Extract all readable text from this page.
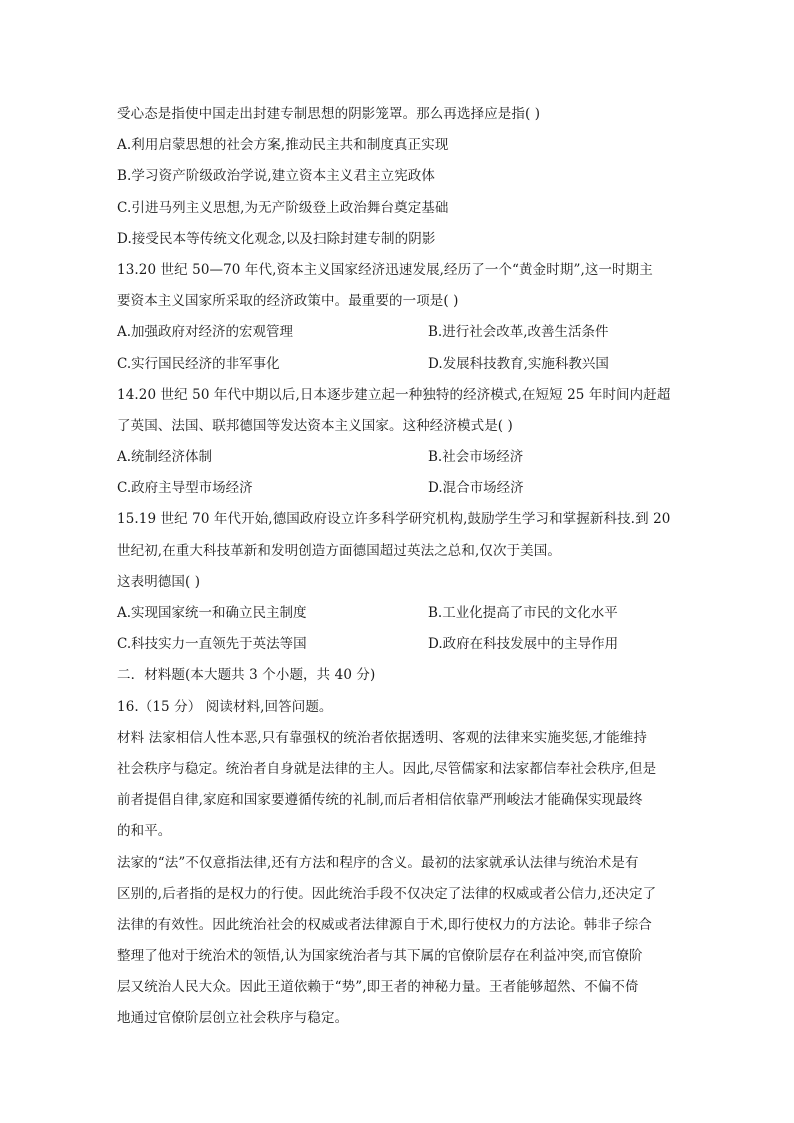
受心态是指使中国走出封建专制思想的阴影笼罩。那么再选择应是指( )
A.利用启蒙思想的社会方案,推动民主共和制度真正实现
B.学习资产阶级政治学说,建立资本主义君主立宪政体
C.引进马列主义思想,为无产阶级登上政治舞台奠定基础
D.接受民本等传统文化观念,以及扫除封建专制的阴影
13.20 世纪 50—70 年代,资本主义国家经济迅速发展,经历了一个“黄金时期”,这一时期主
要资本主义国家所采取的经济政策中。最重要的一项是( )
A.加强政府对经济的宏观管理	B.进行社会改革,改善生活条件
C.实行国民经济的非军事化	D.发展科技教育,实施科教兴国
14.20 世纪 50 年代中期以后,日本逐步建立起一种独特的经济模式,在短短 25 年时间内赶超
了英国、法国、联邦德国等发达资本主义国家。这种经济模式是( )
A.统制经济体制	B.社会市场经济
C.政府主导型市场经济	D.混合市场经济
15.19 世纪 70 年代开始,德国政府设立许多科学研究机构,鼓励学生学习和掌握新科技.到 20
世纪初,在重大科技革新和发明创造方面德国超过英法之总和,仅次于美国。
这表明德国( )
A.实现国家统一和确立民主制度	B.工业化提高了市民的文化水平
C.科技实力一直领先于英法等国	D.政府在科技发展中的主导作用
二．材料题(本大题共 3 个小题，共 40 分)
16.（15 分） 阅读材料,回答问题。
材料 法家相信人性本恶,只有靠强权的统治者依据透明、客观的法律来实施奖惩,才能维持
社会秩序与稳定。统治者自身就是法律的主人。因此,尽管儒家和法家都信奉社会秩序,但是
前者提倡自律,家庭和国家要遵循传统的礼制,而后者相信依靠严刑峻法才能确保实现最终
的和平。
法家的“法”不仅意指法律,还有方法和程序的含义。最初的法家就承认法律与统治术是有
区别的,后者指的是权力的行使。因此统治手段不仅决定了法律的权威或者公信力,还决定了
法律的有效性。因此统治社会的权威或者法律源自于术,即行使权力的方法论。韩非子综合
整理了他对于统治术的领悟,认为国家统治者与其下属的官僚阶层存在利益冲突,而官僚阶
层又统治人民大众。因此王道依赖于“势”,即王者的神秘力量。王者能够超然、不偏不倚
地通过官僚阶层创立社会秩序与稳定。
